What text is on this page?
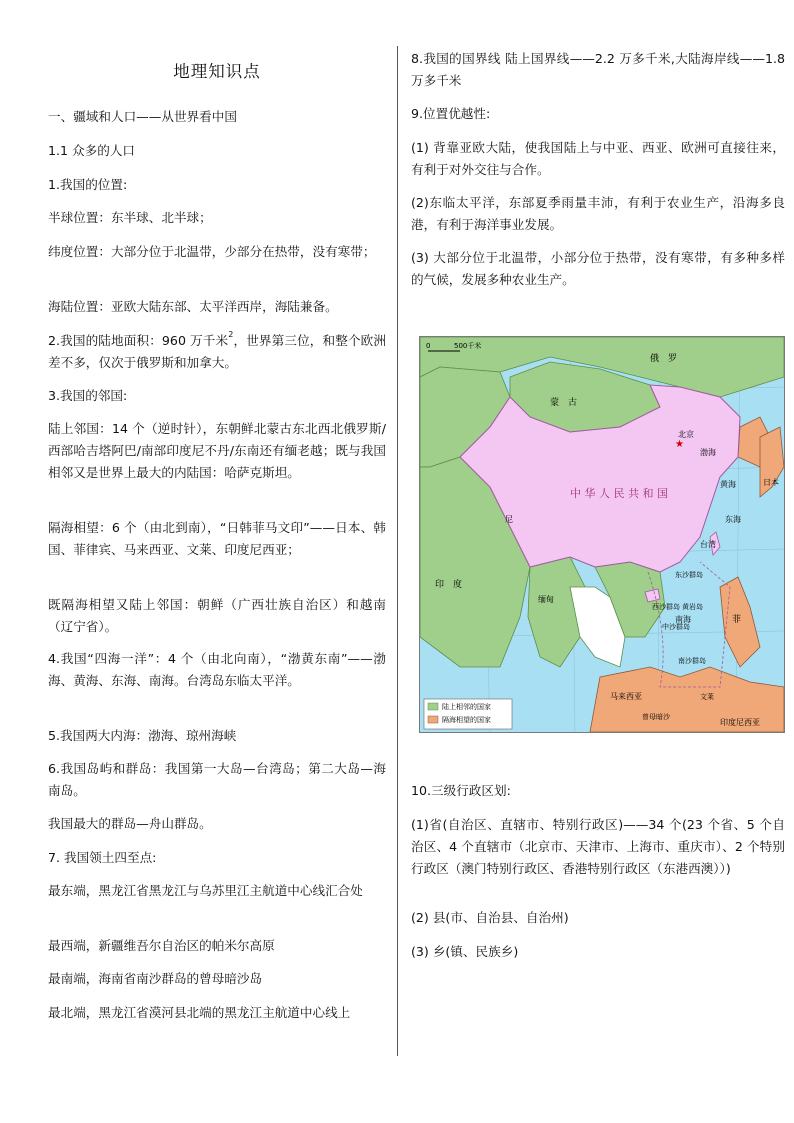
地理知识点

一、疆域和人口——从世界看中国

1.1 众多的人口

1.我国的位置:

半球位置：东半球、北半球；

纬度位置：大部分位于北温带，少部分在热带，没有寒带；

海陆位置：亚欧大陆东部、太平洋西岸，海陆兼备。

2.我国的陆地面积：960 万千米$^2$，世界第三位，和整个欧洲差不多，仅次于俄罗斯和加拿大。

3.我国的邻国:

陆上邻国：14 个（逆时针），东朝鲜北蒙古东北西北俄罗斯/西部哈吉塔阿巴/南部印度尼不丹/东南还有缅老越；既与我国相邻又是世界上最大的内陆国：哈萨克斯坦。

隔海相望：6 个（由北到南），“日韩菲马文印”——日本、韩国、菲律宾、马来西亚、文莱、印度尼西亚；

既隔海相望又陆上邻国：朝鲜（广西壮族自治区）和越南（辽宁省）。

4.我国“四海一洋”：4 个（由北向南），“渤黄东南”——渤海、黄海、东海、南海。台湾岛东临太平洋。

5.我国两大内海：渤海、琼州海峡

6.我国岛屿和群岛：我国第一大岛—台湾岛；第二大岛—海南岛。

我国最大的群岛—舟山群岛。

7. 我国领土四至点:

最东端，黑龙江省黑龙江与乌苏里江主航道中心线汇合处

最西端，新疆维吾尔自治区的帕米尔高原

最南端，海南省南沙群岛的曾母暗沙岛

最北端，黑龙江省漠河县北端的黑龙江主航道中心线上

8.我国的国界线 陆上国界线——2.2 万多千米,大陆海岸线——1.8 万多千米

9.位置优越性:

(1) 背靠亚欧大陆，使我国陆上与中亚、西亚、欧洲可直接往来，有利于对外交往与合作。

(2)东临太平洋，东部夏季雨量丰沛，有利于农业生产，沿海多良港，有利于海洋事业发展。

(3) 大部分位于北温带，小部分位于热带，没有寒带，有多种多样的气候，发展多种农业生产。

10.三级行政区划:

(1)省(自治区、直辖市、特别行政区)——34 个(23 个省、5 个自治区、4 个直辖市（北京市、天津市、上海市、重庆市）、2 个特别行政区（澳门特别行政区、香港特别行政区（东港西澳））)

(2) 县(市、自治县、自治州)

(3) 乡(镇、民族乡)

0	500千米
蒙　古
俄　罗
北京
★
中 华 人 民 共 和 国
日本
渤海
黄海
东海
南海
台湾
尼
印　度
缅甸
东沙群岛
西沙群岛
中沙群岛
黄岩岛
南沙群岛
菲
马来西亚
曾母暗沙
文莱
印度尼西亚
陆上相邻的国家
隔海相望的国家
